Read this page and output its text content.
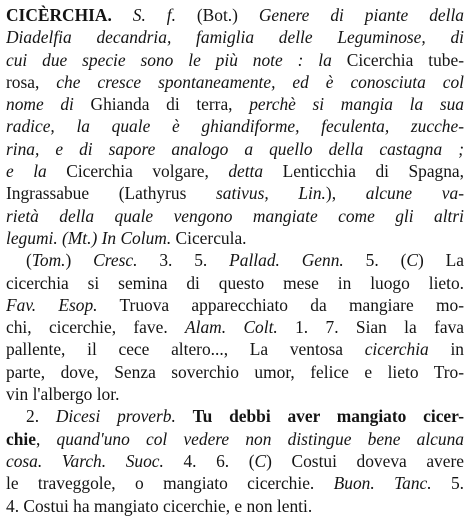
CICÈRCHIA. S. f. (Bot.) Genere di piante della
Diadelfia decandria, famiglia delle Leguminose, di
cui due specie sono le più note : la Cicerchia tube-
rosa, che cresce spontaneamente, ed è conosciuta col
nome di Ghianda di terra, perchè si mangia la sua
radice, la quale è ghiandiforme, feculenta, zucche-
rina, e di sapore analogo a quello della castagna ;
e la Cicerchia volgare, detta Lenticchia di Spagna,
Ingrassabue (Lathyrus sativus, Lin.), alcune va-
rietà della quale vengono mangiate come gli altri
legumi. (Mt.) In Colum. Cicercula.
(Tom.) Cresc. 3. 5. Pallad. Genn. 5. (C) La
cicerchia si semina di questo mese in luogo lieto.
Fav. Esop. Truova apparecchiato da mangiare mo-
chi, cicerchie, fave. Alam. Colt. 1. 7. Sian la fava
pallente, il cece altero..., La ventosa cicerchia in
parte, dove, Senza soverchio umor, felice e lieto Tro-
vin l'albergo lor.
2. Dicesi proverb. Tu debbi aver mangiato cicer-
chie, quand'uno col vedere non distingue bene alcuna
cosa. Varch. Suoc. 4. 6. (C) Costui doveva avere
le traveggole, o mangiato cicerchie. Buon. Tanc. 5.
4. Costui ha mangiato cicerchie, e non lenti.
